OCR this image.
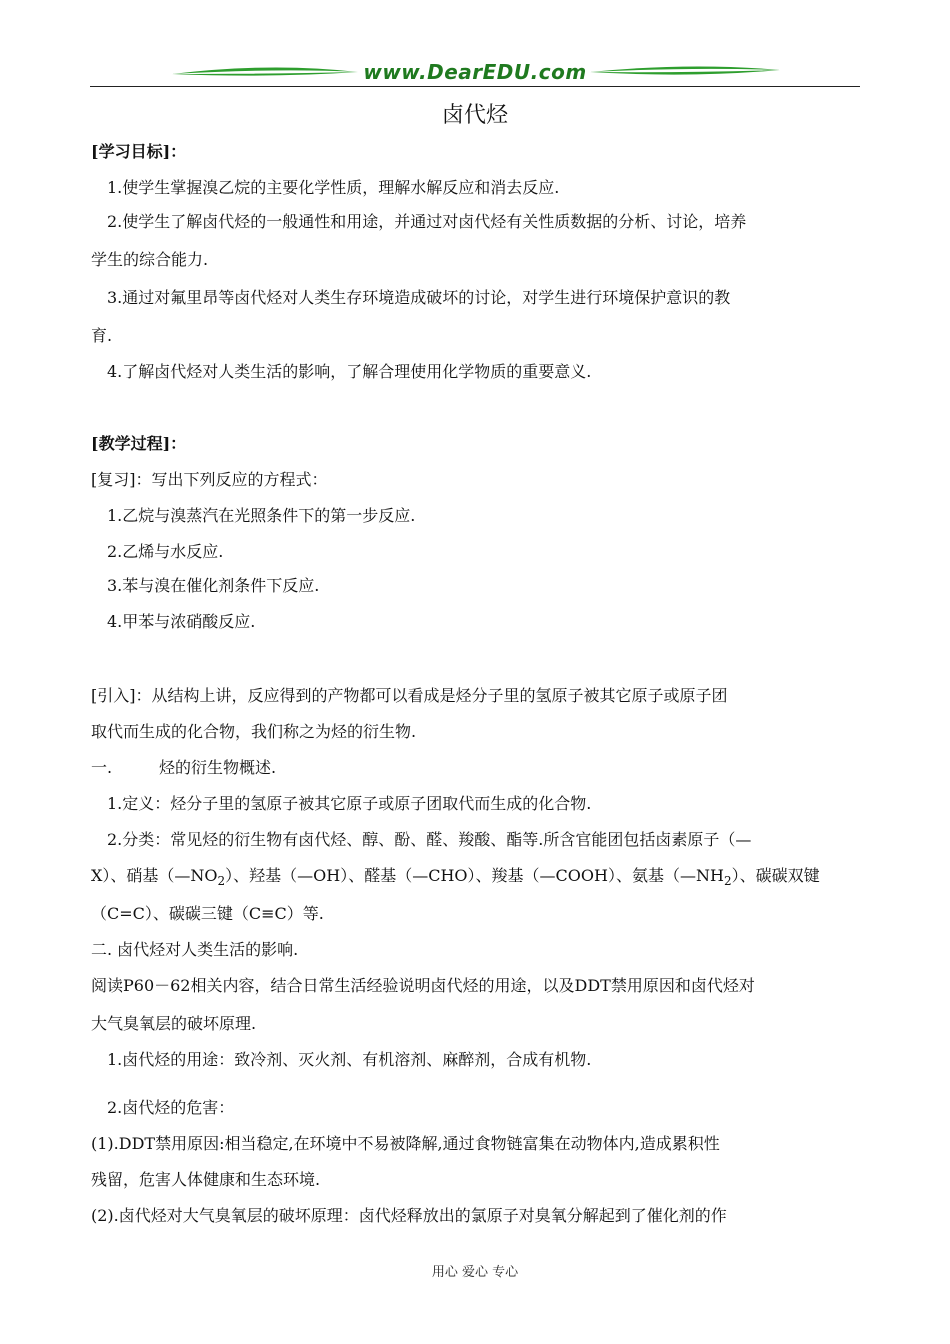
www.DearEDU.com
卤代烃
[学习目标]：
1.使学生掌握溴乙烷的主要化学性质，理解水解反应和消去反应.
2.使学生了解卤代烃的一般通性和用途，并通过对卤代烃有关性质数据的分析、讨论，培养
学生的综合能力.
3.通过对氟里昂等卤代烃对人类生存环境造成破坏的讨论，对学生进行环境保护意识的教
育.
4.了解卤代烃对人类生活的影响，了解合理使用化学物质的重要意义.
[教学过程]：
[复习]：写出下列反应的方程式：
1.乙烷与溴蒸汽在光照条件下的第一步反应.
2.乙烯与水反应.
3.苯与溴在催化剂条件下反应.
4.甲苯与浓硝酸反应.
[引入]：从结构上讲，反应得到的产物都可以看成是烃分子里的氢原子被其它原子或原子团
取代而生成的化合物，我们称之为烃的衍生物.
一.	烃的衍生物概述.
1.定义：烃分子里的氢原子被其它原子或原子团取代而生成的化合物.
2.分类：常见烃的衍生物有卤代烃、醇、酚、醛、羧酸、酯等.所含官能团包括卤素原子（—
X）、硝基$(—NO_2)$、羟基（—OH）、醛基（—CHO）、羧基（—COOH）、氨基$(—NH_2)$、碳碳双键
（C=C）、碳碳三键（C≡C）等.
二. 卤代烃对人类生活的影响.
阅读P60－62相关内容，结合日常生活经验说明卤代烃的用途，以及DDT禁用原因和卤代烃对
大气臭氧层的破坏原理.
1.卤代烃的用途：致冷剂、灭火剂、有机溶剂、麻醉剂，合成有机物.
2.卤代烃的危害：
(1).DDT禁用原因:相当稳定,在环境中不易被降解,通过食物链富集在动物体内,造成累积性
残留，危害人体健康和生态环境.
(2).卤代烃对大气臭氧层的破坏原理：卤代烃释放出的氯原子对臭氧分解起到了催化剂的作
用心 爱心 专心
